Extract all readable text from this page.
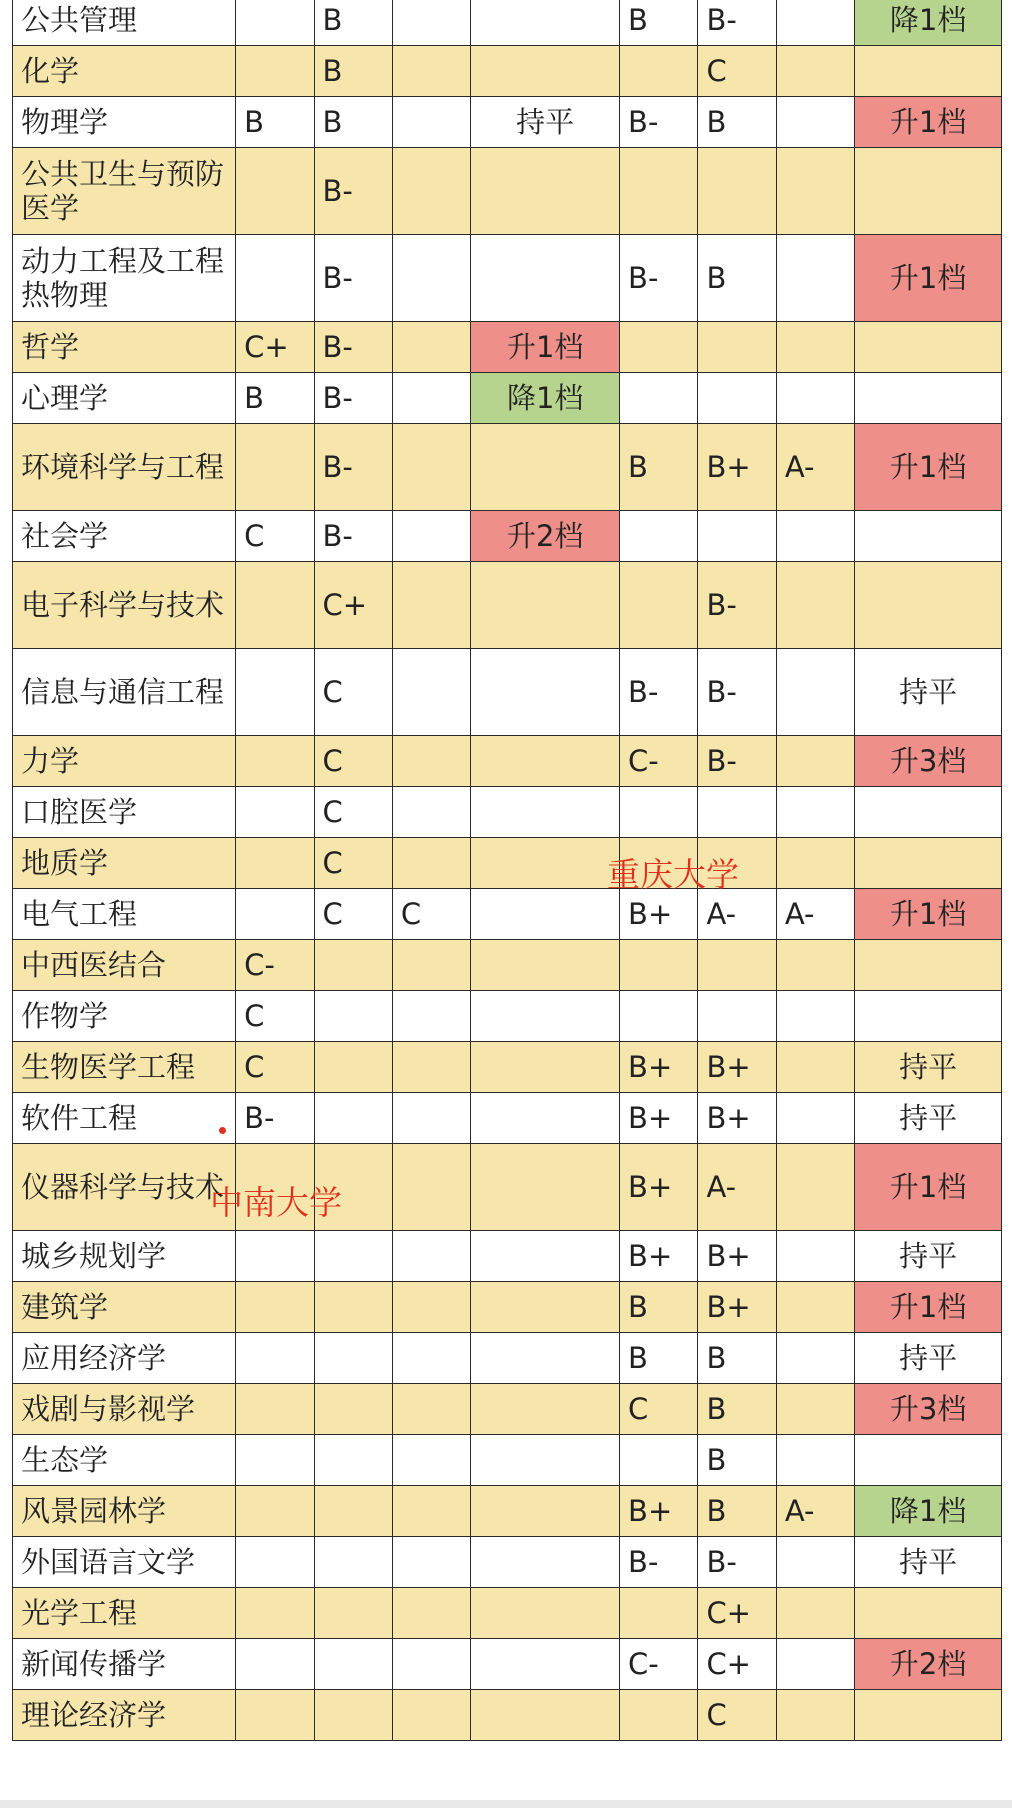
公共管理		B			B	B-		降1档
化学		B				C		
物理学	B	B		持平	B-	B		升1档
公共卫生与预防医学		B-						
动力工程及工程热物理		B-			B-	B		升1档
哲学	C+	B-		升1档				
心理学	B	B-		降1档				
环境科学与工程		B-			B	B+	A-	升1档
社会学	C	B-		升2档				
电子科学与技术		C+				B-		
信息与通信工程		C			B-	B-		持平
力学		C			C-	B-		升3档
口腔医学		C						
地质学		C						
电气工程		C	C		B+	A-	A-	升1档
中西医结合	C-							
作物学	C							
生物医学工程	C				B+	B+		持平
软件工程	B-				B+	B+		持平
仪器科学与技术					B+	A-		升1档
城乡规划学					B+	B+		持平
建筑学					B	B+		升1档
应用经济学					B	B		持平
戏剧与影视学					C	B		升3档
生态学						B		
风景园林学					B+	B	A-	降1档
外国语言文学					B-	B-		持平
光学工程						C+		
新闻传播学					C-	C+		升2档
理论经济学						C		
重庆大学
中南大学
